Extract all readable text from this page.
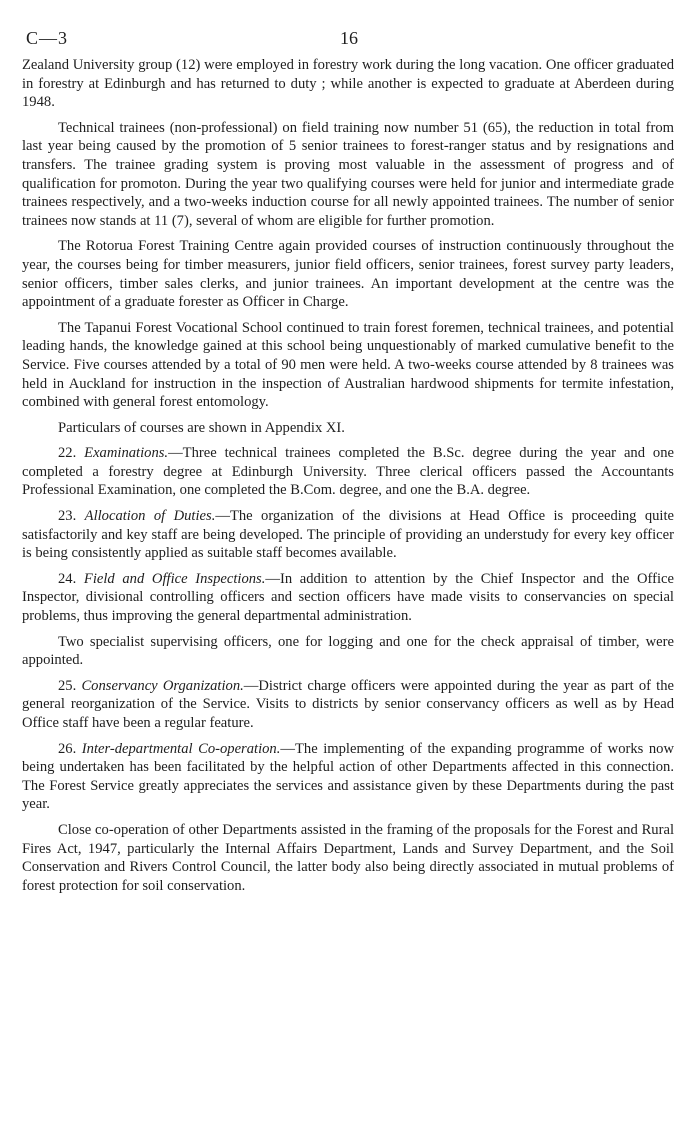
C—3	16

Zealand University group (12) were employed in forestry work during the long vacation. One officer graduated in forestry at Edinburgh and has returned to duty ; while another is expected to graduate at Aberdeen during 1948.

Technical trainees (non-professional) on field training now number 51 (65), the reduction in total from last year being caused by the promotion of 5 senior trainees to forest-ranger status and by resignations and transfers. The trainee grading system is proving most valuable in the assessment of progress and of qualification for promoton. During the year two qualifying courses were held for junior and intermediate grade trainees respectively, and a two-weeks induction course for all newly appointed trainees. The number of senior trainees now stands at 11 (7), several of whom are eligible for further promotion.

The Rotorua Forest Training Centre again provided courses of instruction continuously throughout the year, the courses being for timber measurers, junior field officers, senior trainees, forest survey party leaders, senior officers, timber sales clerks, and junior trainees. An important development at the centre was the appointment of a graduate forester as Officer in Charge.

The Tapanui Forest Vocational School continued to train forest foremen, technical trainees, and potential leading hands, the knowledge gained at this school being unquestionably of marked cumulative benefit to the Service. Five courses attended by a total of 90 men were held. A two-weeks course attended by 8 trainees was held in Auckland for instruction in the inspection of Australian hardwood shipments for termite infestation, combined with general forest entomology.

Particulars of courses are shown in Appendix XI.

22. Examinations.—Three technical trainees completed the B.Sc. degree during the year and one completed a forestry degree at Edinburgh University. Three clerical officers passed the Accountants Professional Examination, one completed the B.Com. degree, and one the B.A. degree.

23. Allocation of Duties.—The organization of the divisions at Head Office is proceeding quite satisfactorily and key staff are being developed. The principle of providing an understudy for every key officer is being consistently applied as suitable staff becomes available.

24. Field and Office Inspections.—In addition to attention by the Chief Inspector and the Office Inspector, divisional controlling officers and section officers have made visits to conservancies on special problems, thus improving the general departmental administration.

Two specialist supervising officers, one for logging and one for the check appraisal of timber, were appointed.

25. Conservancy Organization.—District charge officers were appointed during the year as part of the general reorganization of the Service. Visits to districts by senior conservancy officers as well as by Head Office staff have been a regular feature.

26. Inter-departmental Co-operation.—The implementing of the expanding programme of works now being undertaken has been facilitated by the helpful action of other Departments affected in this connection. The Forest Service greatly appreciates the services and assistance given by these Departments during the past year.

Close co-operation of other Departments assisted in the framing of the proposals for the Forest and Rural Fires Act, 1947, particularly the Internal Affairs Department, Lands and Survey Department, and the Soil Conservation and Rivers Control Council, the latter body also being directly associated in mutual problems of forest protection for soil conservation.
